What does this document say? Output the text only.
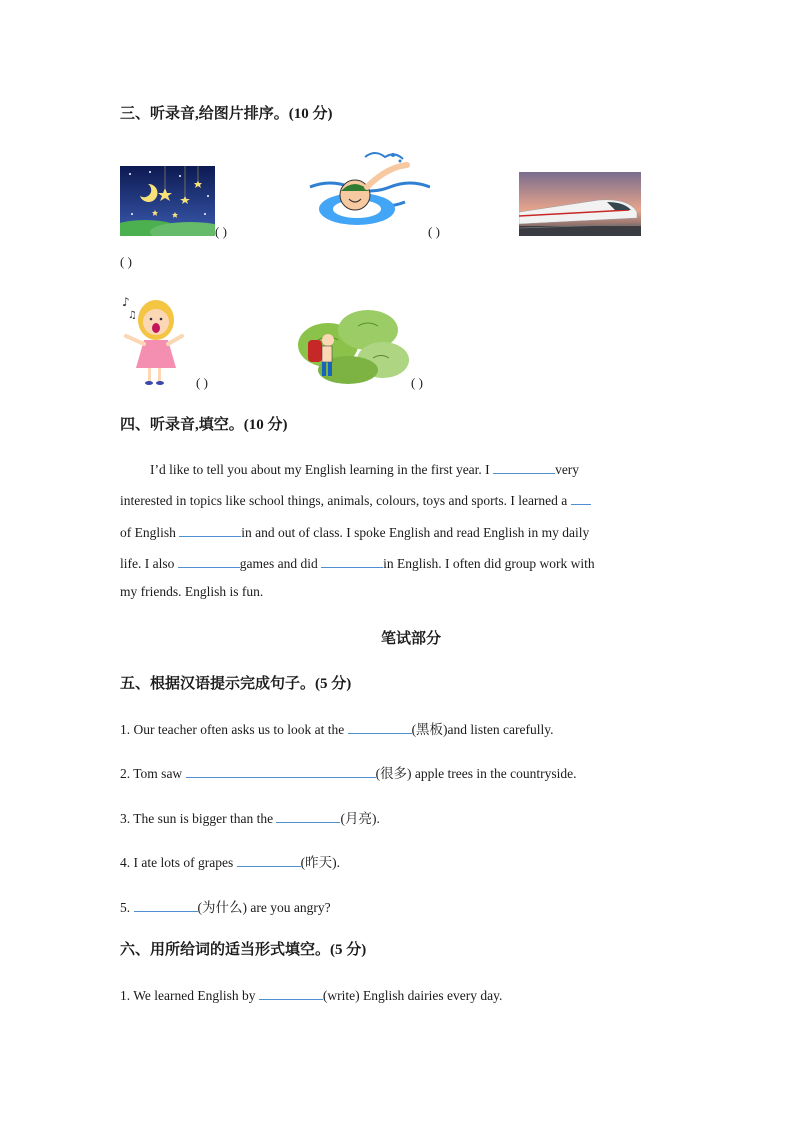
三、听录音,给图片排序。(10 分)
( )	( )
( )
♪
♫
( )	( )
四、听录音,填空。(10 分)
I’d like to tell you about my English learning in the first year. I	very
interested in topics like school things, animals, colours, toys and sports. I learned a
of English	in and out of class. I spoke English and read English in my daily
life. I also	games and did	in English. I often did group work with
my friends. English is fun.
笔试部分
五、根据汉语提示完成句子。(5 分)
1. Our teacher often asks us to look at the	(黑板)and listen carefully.
2. Tom saw	(很多) apple trees in the countryside.
3. The sun is bigger than the	(月亮).
4. I ate lots of grapes	(昨天).
5.	(为什么) are you angry?
六、用所给词的适当形式填空。(5 分)
1. We learned English by	(write) English dairies every day.
